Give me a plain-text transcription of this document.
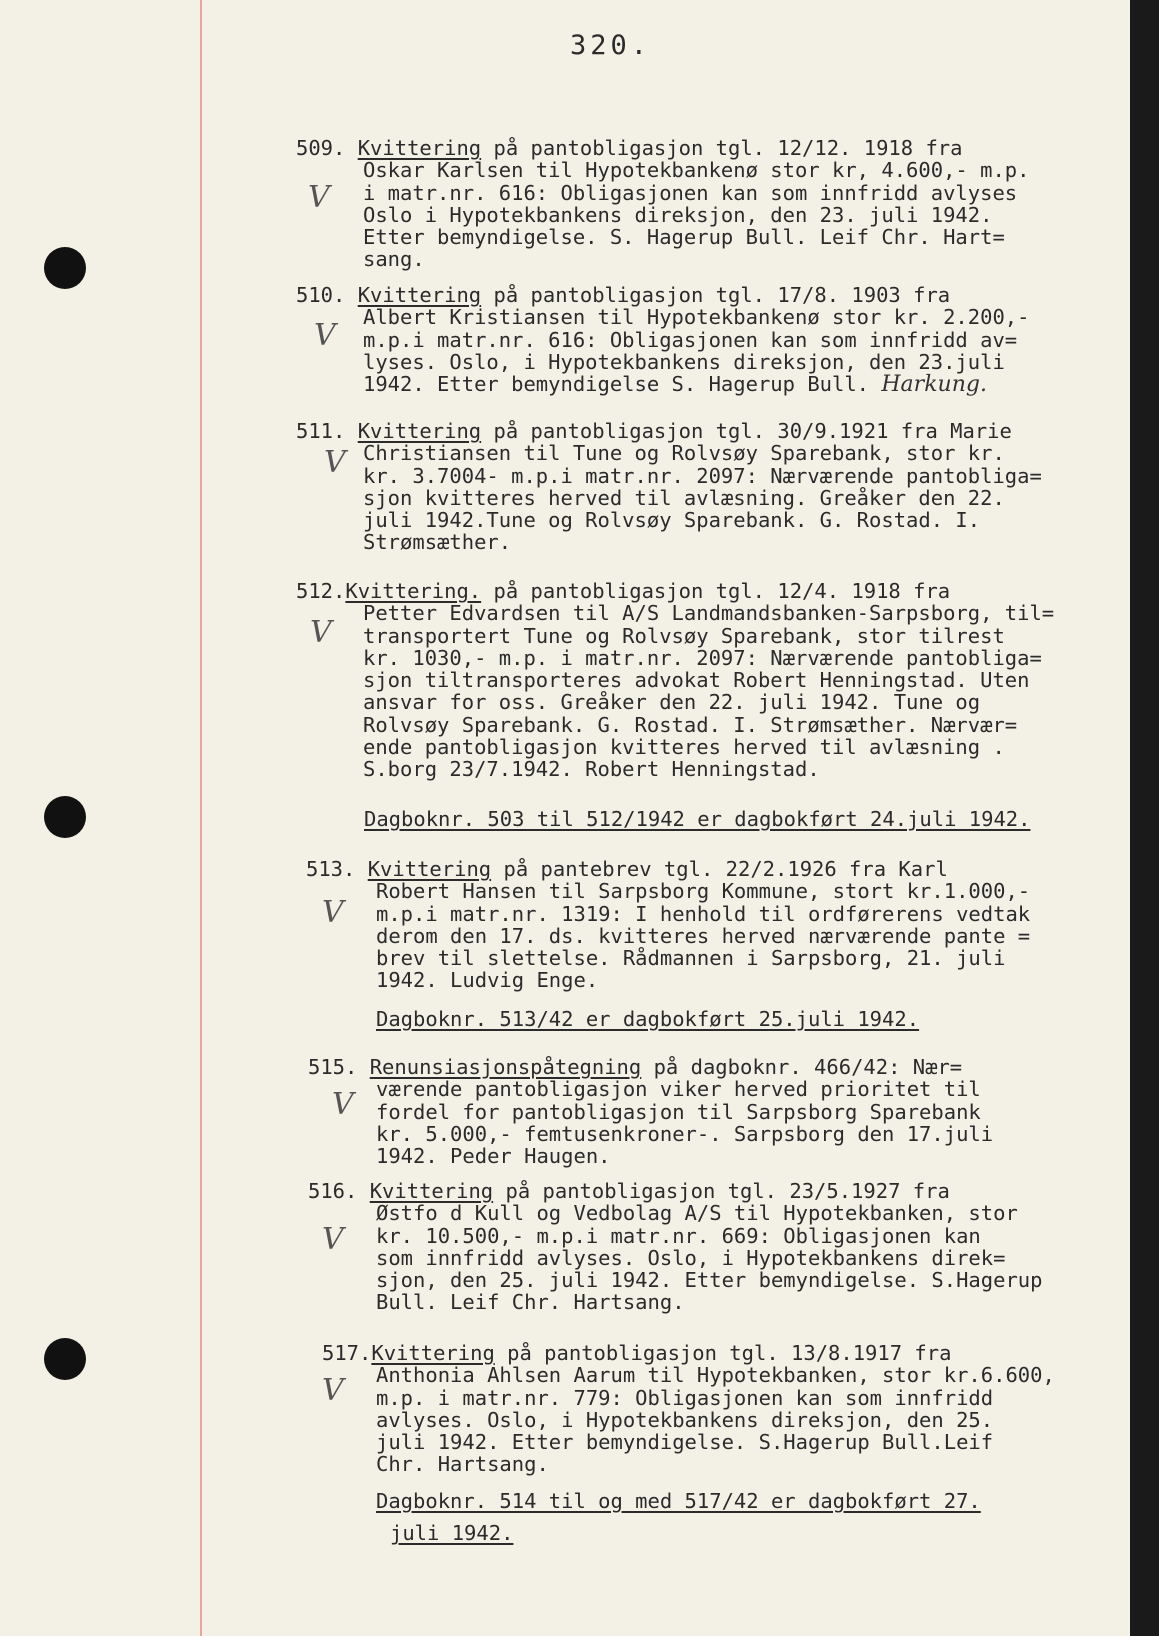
320.
V
V
V
V
V
V
V
V
509. Kvittering på pantobligasjon tgl. 12/12. 1918 fra
Oskar Karlsen til Hypotekbankenø stor kr, 4.600,- m.p.
i matr.nr. 616: Obligasjonen kan som innfridd avlyses
Oslo i Hypotekbankens direksjon, den 23. juli 1942.
Etter bemyndigelse. S. Hagerup Bull. Leif Chr. Hart=
sang.
510. Kvittering på pantobligasjon tgl. 17/8. 1903 fra
Albert Kristiansen til Hypotekbankenø stor kr. 2.200,-
m.p.i matr.nr. 616: Obligasjonen kan som innfridd av=
lyses. Oslo, i Hypotekbankens direksjon, den 23.juli
1942. Etter bemyndigelse S. Hagerup Bull. Harkung.
511. Kvittering på pantobligasjon tgl. 30/9.1921 fra Marie
Christiansen til Tune og Rolvsøy Sparebank, stor kr.
kr. 3.7004- m.p.i matr.nr. 2097: Nærværende pantobliga=
sjon kvitteres herved til avlæsning. Greåker den 22.
juli 1942.Tune og Rolvsøy Sparebank. G. Rostad. I.
Strømsæther.
512.Kvittering. på pantobligasjon tgl. 12/4. 1918 fra
Petter Edvardsen til A/S Landmandsbanken-Sarpsborg, til=
transportert Tune og Rolvsøy Sparebank, stor tilrest
kr. 1030,- m.p. i matr.nr. 2097: Nærværende pantobliga=
sjon tiltransporteres advokat Robert Henningstad. Uten
ansvar for oss. Greåker den 22. juli 1942. Tune og
Rolvsøy Sparebank. G. Rostad. I. Strømsæther. Nærvær=
ende pantobligasjon kvitteres herved til avlæsning .
S.borg 23/7.1942. Robert Henningstad.
Dagboknr. 503 til 512/1942 er dagbokført 24.juli 1942.
513. Kvittering på pantebrev tgl. 22/2.1926 fra Karl
Robert Hansen til Sarpsborg Kommune, stort kr.1.000,-
m.p.i matr.nr. 1319: I henhold til ordførerens vedtak
derom den 17. ds. kvitteres herved nærværende pante =
brev til slettelse. Rådmannen i Sarpsborg, 21. juli
1942. Ludvig Enge.
Dagboknr. 513/42 er dagbokført 25.juli 1942.
515. Renunsiasjonspåtegning på dagboknr. 466/42: Nær=
værende pantobligasjon viker herved prioritet til
fordel for pantobligasjon til Sarpsborg Sparebank
kr. 5.000,- femtusenkroner-. Sarpsborg den 17.juli
1942. Peder Haugen.
516. Kvittering på pantobligasjon tgl. 23/5.1927 fra
Østfo d Kull og Vedbolag A/S til Hypotekbanken, stor
kr. 10.500,- m.p.i matr.nr. 669: Obligasjonen kan
som innfridd avlyses. Oslo, i Hypotekbankens direk=
sjon, den 25. juli 1942. Etter bemyndigelse. S.Hagerup
Bull. Leif Chr. Hartsang.
517.Kvittering på pantobligasjon tgl. 13/8.1917 fra
Anthonia Ahlsen Aarum til Hypotekbanken, stor kr.6.600,
m.p. i matr.nr. 779: Obligasjonen kan som innfridd
avlyses. Oslo, i Hypotekbankens direksjon, den 25.
juli 1942. Etter bemyndigelse. S.Hagerup Bull.Leif
Chr. Hartsang.
Dagboknr. 514 til og med 517/42 er dagbokført 27.
juli 1942.
